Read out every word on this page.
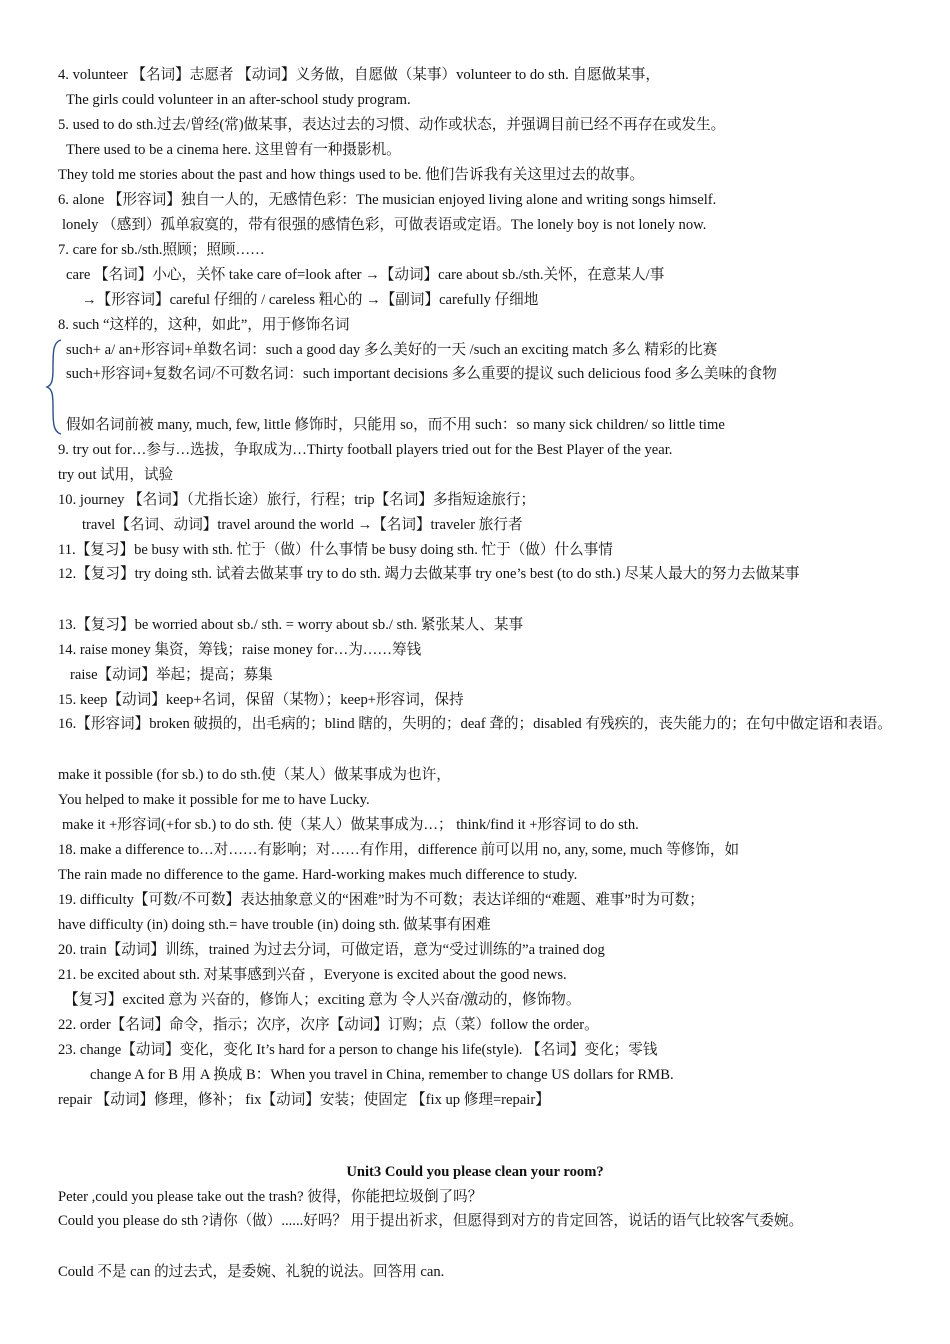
4. volunteer 【名词】志愿者 【动词】义务做，自愿做（某事）volunteer to do sth. 自愿做某事，
The girls could volunteer in an after-school study program.
5. used to do sth.过去/曾经(常)做某事，表达过去的习惯、动作或状态，并强调目前已经不再存在或发生。
There used to be a cinema here. 这里曾有一种摄影机。
They told me stories about the past and how things used to be. 他们告诉我有关这里过去的故事。
6. alone 【形容词】独自一人的，无感情色彩：The musician enjoyed living alone and writing songs himself.
lonely （感到）孤单寂寞的，带有很强的感情色彩，可做表语或定语。The lonely boy is not lonely now.
7. care for sb./sth.照顾；照顾……
care 【名词】小心，关怀 take care of=look after →【动词】care about sb./sth.关怀，在意某人/事
→【形容词】careful 仔细的 / careless 粗心的 →【副词】carefully 仔细地
8. such “这样的，这种，如此”，用于修饰名词
such+ a/ an+形容词+单数名词：such a good day 多么美好的一天 /such an exciting match 多么 精彩的比赛
such+形容词+复数名词/不可数名词：such important decisions 多么重要的提议 such delicious food 多么美味的食物
假如名词前被 many, much, few, little 修饰时，只能用 so，而不用 such：so many sick children/ so little time
9. try out for…参与…选拔，争取成为…Thirty football players tried out for the Best Player of the year.
try out 试用，试验
10. journey 【名词】（尤指长途）旅行，行程；trip【名词】多指短途旅行；
travel【名词、动词】travel around the world →【名词】traveler 旅行者
11.【复习】be busy with sth. 忙于（做）什么事情 be busy doing sth. 忙于（做）什么事情
12.【复习】try doing sth. 试着去做某事 try to do sth. 竭力去做某事 try one’s best (to do sth.) 尽某人最大的努力去做某事
13.【复习】be worried about sb./ sth. = worry about sb./ sth. 紧张某人、某事
14. raise money 集资，筹钱；raise money for…为……筹钱
raise【动词】举起；提高；募集
15. keep【动词】keep+名词，保留（某物）；keep+形容词，保持
16.【形容词】broken 破损的，出毛病的；blind 瞎的，失明的；deaf 聋的；disabled 有残疾的，丧失能力的；在句中做定语和表语。
make it possible (for sb.) to do sth.使（某人）做某事成为也许，
You helped to make it possible for me to have Lucky.
make it +形容词(+for sb.) to do sth. 使（某人）做某事成为…； think/find it +形容词 to do sth.
18. make a difference to…对……有影响；对……有作用，difference 前可以用 no, any, some, much 等修饰，如
The rain made no difference to the game. Hard-working makes much difference to study.
19. difficulty【可数/不可数】表达抽象意义的“困难”时为不可数；表达详细的“难题、难事”时为可数；
have difficulty (in) doing sth.= have trouble (in) doing sth. 做某事有困难
20. train【动词】训练，trained 为过去分词，可做定语，意为“受过训练的”a trained dog
21. be excited about sth. 对某事感到兴奋 ，Everyone is excited about the good news.
【复习】excited 意为 兴奋的，修饰人；exciting 意为 令人兴奋/激动的，修饰物。
22. order【名词】命令，指示；次序，次序【动词】订购；点（菜）follow the order。
23. change【动词】变化，变化 It’s hard for a person to change his life(style). 【名词】变化；零钱
change A for B 用 A 换成 B：When you travel in China, remember to change US dollars for RMB.
repair 【动词】修理，修补； fix【动词】安装；使固定 【fix up 修理=repair】
Unit3 Could you please clean your room?
Peter ,could you please take out the trash? 彼得，你能把垃圾倒了吗？
Could you please do sth ?请你（做）......好吗？ 用于提出祈求，但愿得到对方的肯定回答，说话的语气比较客气委婉。
Could 不是 can 的过去式，是委婉、礼貌的说法。回答用 can.
